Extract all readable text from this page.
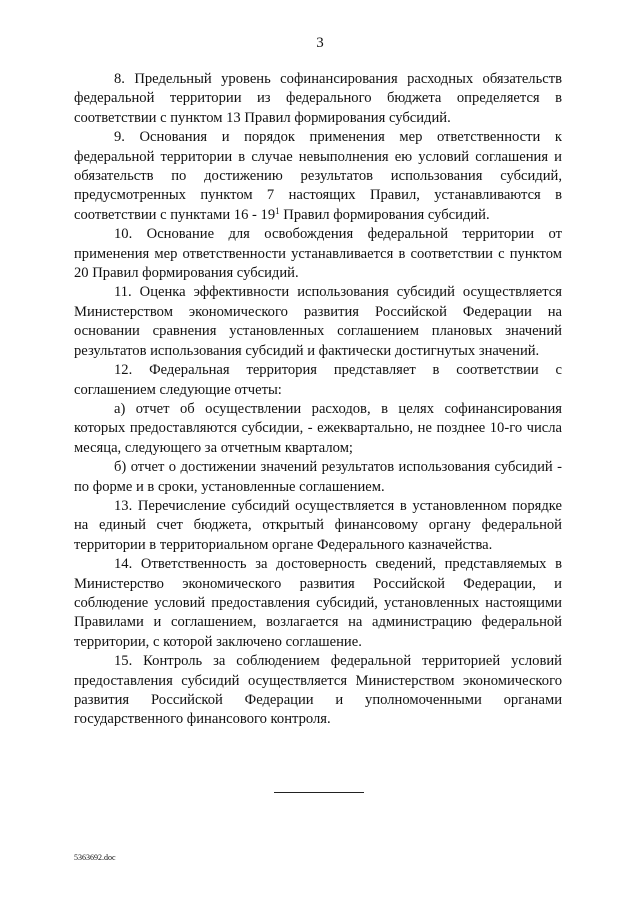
3

8. Предельный уровень софинансирования расходных обязательств федеральной территории из федерального бюджета определяется в соответствии с пунктом 13 Правил формирования субсидий.

9. Основания и порядок применения мер ответственности к федеральной территории в случае невыполнения ею условий соглашения и обязательств по достижению результатов использования субсидий, предусмотренных пунктом 7 настоящих Правил, устанавливаются в соответствии с пунктами $16 - 19^1$ Правил формирования субсидий.

10. Основание для освобождения федеральной территории от применения мер ответственности устанавливается в соответствии с пунктом 20 Правил формирования субсидий.

11. Оценка эффективности использования субсидий осуществляется Министерством экономического развития Российской Федерации на основании сравнения установленных соглашением плановых значений результатов использования субсидий и фактически достигнутых значений.

12. Федеральная территория представляет в соответствии с соглашением следующие отчеты:

а) отчет об осуществлении расходов, в целях софинансирования которых предоставляются субсидии, - ежеквартально, не позднее 10-го числа месяца, следующего за отчетным кварталом;

б) отчет о достижении значений результатов использования субсидий - по форме и в сроки, установленные соглашением.

13. Перечисление субсидий осуществляется в установленном порядке на единый счет бюджета, открытый финансовому органу федеральной территории в территориальном органе Федерального казначейства.

14. Ответственность за достоверность сведений, представляемых в Министерство экономического развития Российской Федерации, и соблюдение условий предоставления субсидий, установленных настоящими Правилами и соглашением, возлагается на администрацию федеральной территории, с которой заключено соглашение.

15. Контроль за соблюдением федеральной территорией условий предоставления субсидий осуществляется Министерством экономического развития Российской Федерации и уполномоченными органами государственного финансового контроля.

5363692.doc
